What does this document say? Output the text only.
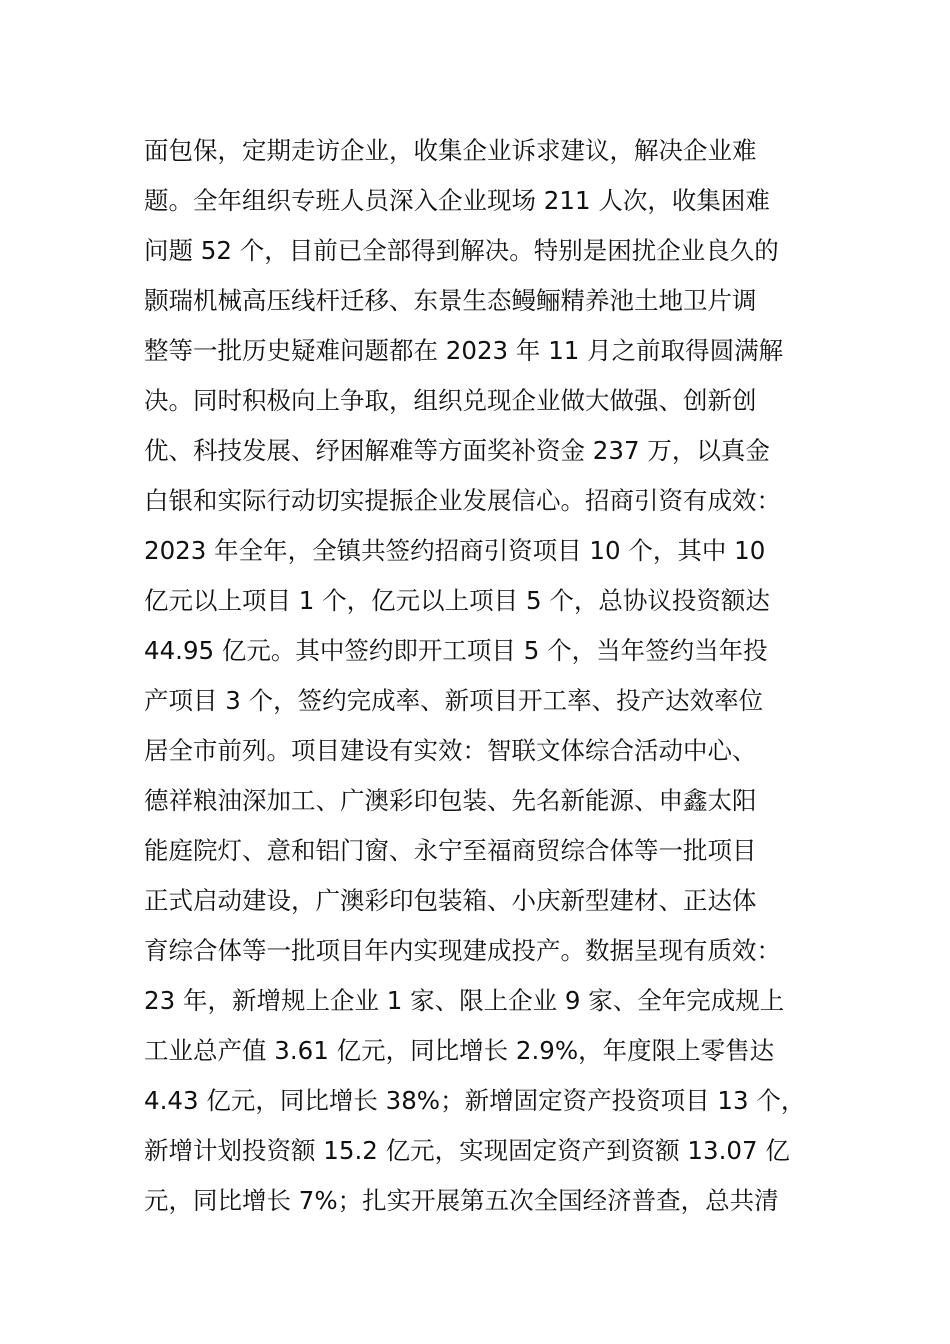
面包保，定期走访企业，收集企业诉求建议，解决企业难
题。全年组织专班人员深入企业现场 211 人次，收集困难
问题 52 个，目前已全部得到解决。特别是困扰企业良久的
颢瑞机械高压线杆迁移、东景生态鳗鲡精养池土地卫片调
整等一批历史疑难问题都在 2023 年 11 月之前取得圆满解
决。同时积极向上争取，组织兑现企业做大做强、创新创
优、科技发展、纾困解难等方面奖补资金 237 万，以真金
白银和实际行动切实提振企业发展信心。招商引资有成效：
2023 年全年，全镇共签约招商引资项目 10 个，其中 10
亿元以上项目 1 个，亿元以上项目 5 个，总协议投资额达
44.95 亿元。其中签约即开工项目 5 个，当年签约当年投
产项目 3 个，签约完成率、新项目开工率、投产达效率位
居全市前列。项目建设有实效：智联文体综合活动中心、
德祥粮油深加工、广澳彩印包装、先名新能源、申鑫太阳
能庭院灯、意和铝门窗、永宁至福商贸综合体等一批项目
正式启动建设，广澳彩印包装箱、小庆新型建材、正达体
育综合体等一批项目年内实现建成投产。数据呈现有质效：
23 年，新增规上企业 1 家、限上企业 9 家、全年完成规上
工业总产值 3.61 亿元，同比增长 2.9%，年度限上零售达
4.43 亿元，同比增长 38%；新增固定资产投资项目 13 个，
新增计划投资额 15.2 亿元，实现固定资产到资额 13.07 亿
元，同比增长 7%；扎实开展第五次全国经济普查，总共清
